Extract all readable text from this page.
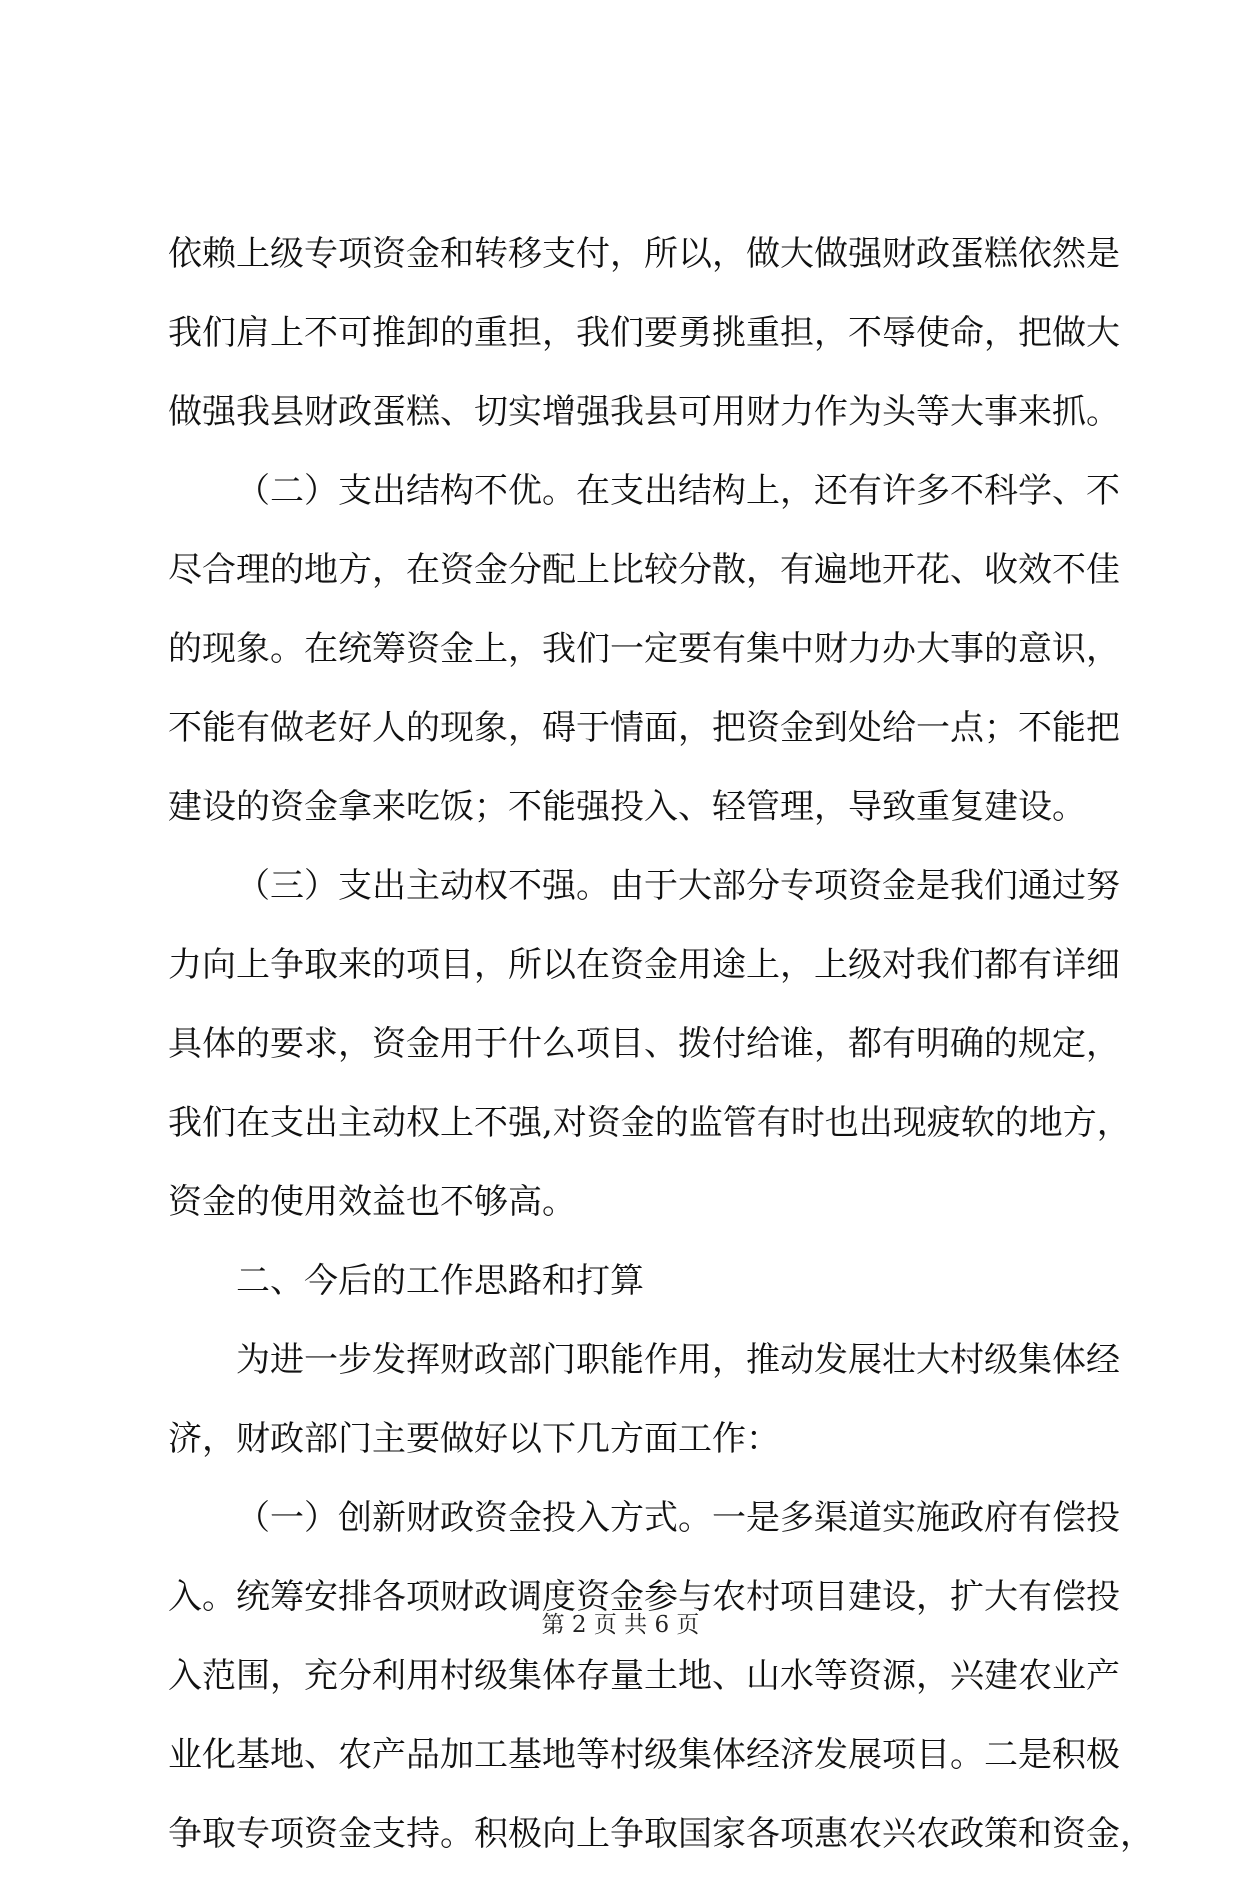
依赖上级专项资金和转移支付，所以，做大做强财政蛋糕依然是
我们肩上不可推卸的重担，我们要勇挑重担，不辱使命，把做大
做强我县财政蛋糕、切实增强我县可用财力作为头等大事来抓。
（二）支出结构不优。在支出结构上，还有许多不科学、不
尽合理的地方，在资金分配上比较分散，有遍地开花、收效不佳
的现象。在统筹资金上，我们一定要有集中财力办大事的意识，
不能有做老好人的现象，碍于情面，把资金到处给一点；不能把
建设的资金拿来吃饭；不能强投入、轻管理，导致重复建设。
（三）支出主动权不强。由于大部分专项资金是我们通过努
力向上争取来的项目，所以在资金用途上，上级对我们都有详细
具体的要求，资金用于什么项目、拨付给谁，都有明确的规定，
我们在支出主动权上不强,对资金的监管有时也出现疲软的地方，
资金的使用效益也不够高。
二、今后的工作思路和打算
为进一步发挥财政部门职能作用，推动发展壮大村级集体经
济，财政部门主要做好以下几方面工作：
（一）创新财政资金投入方式。一是多渠道实施政府有偿投
入。统筹安排各项财政调度资金参与农村项目建设，扩大有偿投
入范围，充分利用村级集体存量土地、山水等资源，兴建农业产
业化基地、农产品加工基地等村级集体经济发展项目。二是积极
争取专项资金支持。积极向上争取国家各项惠农兴农政策和资金，
第 2 页 共 6 页
